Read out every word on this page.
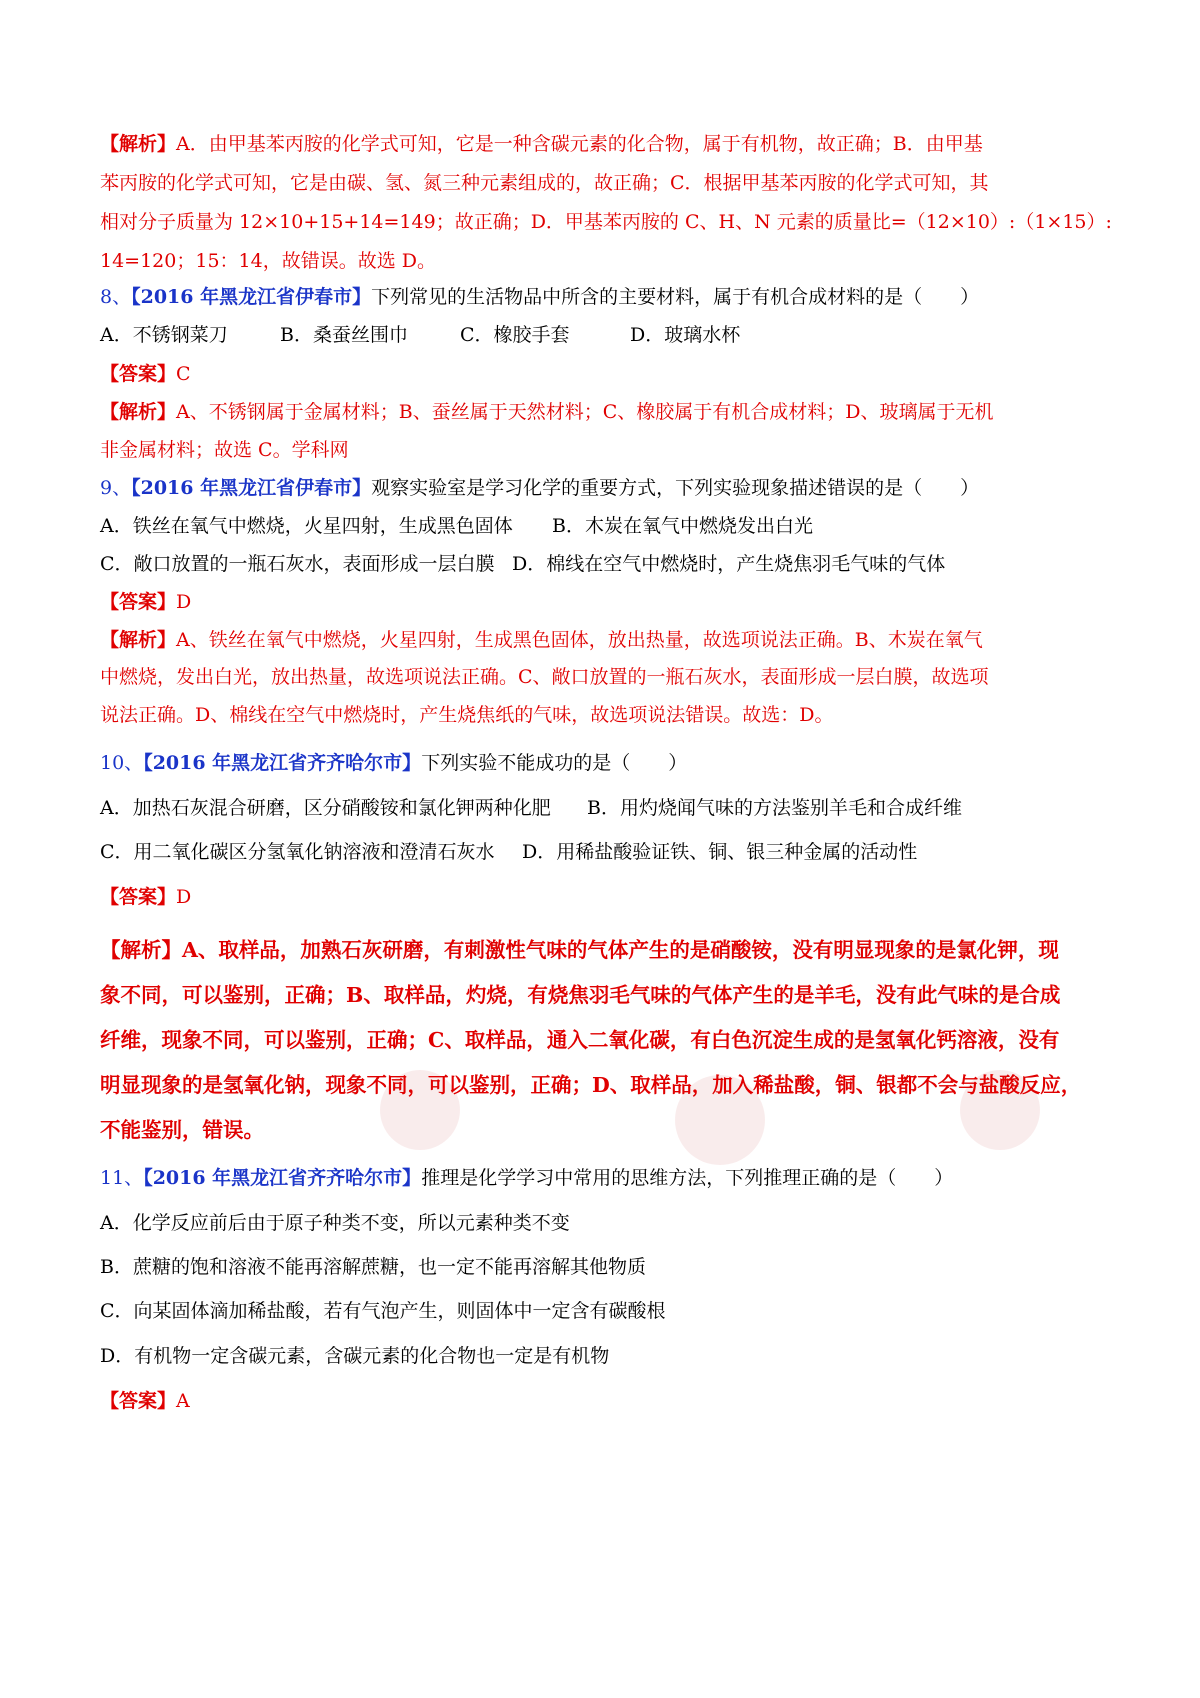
【解析】A．由甲基苯丙胺的化学式可知，它是一种含碳元素的化合物，属于有机物，故正确；B．由甲基
苯丙胺的化学式可知，它是由碳、氢、氮三种元素组成的，故正确；C．根据甲基苯丙胺的化学式可知，其
相对分子质量为 12×10+15+14=149；故正确；D．甲基苯丙胺的 C、H、N 元素的质量比=（12×10）:（1×15）:
14=120；15：14，故错误。故选 D。
8、【2016 年黑龙江省伊春市】下列常见的生活物品中所含的主要材料，属于有机合成材料的是（　　）
A．不锈钢菜刀	B．桑蚕丝围巾	C．橡胶手套	D．玻璃水杯
【答案】C
【解析】A、不锈钢属于金属材料；B、蚕丝属于天然材料；C、橡胶属于有机合成材料；D、玻璃属于无机
非金属材料；故选 C。学科网
9、【2016 年黑龙江省伊春市】观察实验室是学习化学的重要方式，下列实验现象描述错误的是（　　）
A．铁丝在氧气中燃烧，火星四射，生成黑色固体 B．木炭在氧气中燃烧发出白光
C．敞口放置的一瓶石灰水，表面形成一层白膜 D．棉线在空气中燃烧时，产生烧焦羽毛气味的气体
【答案】D
【解析】A、铁丝在氧气中燃烧，火星四射，生成黑色固体，放出热量，故选项说法正确。B、木炭在氧气
中燃烧，发出白光，放出热量，故选项说法正确。C、敞口放置的一瓶石灰水，表面形成一层白膜，故选项
说法正确。D、棉线在空气中燃烧时，产生烧焦纸的气味，故选项说法错误。故选：D。
10、【2016 年黑龙江省齐齐哈尔市】下列实验不能成功的是（　　）
A．加热石灰混合研磨，区分硝酸铵和氯化钾两种化肥 B．用灼烧闻气味的方法鉴别羊毛和合成纤维
C．用二氧化碳区分氢氧化钠溶液和澄清石灰水 D．用稀盐酸验证铁、铜、银三种金属的活动性
【答案】D
【解析】A、取样品，加熟石灰研磨，有刺激性气味的气体产生的是硝酸铵，没有明显现象的是氯化钾，现
象不同，可以鉴别，正确；B、取样品，灼烧，有烧焦羽毛气味的气体产生的是羊毛，没有此气味的是合成
纤维，现象不同，可以鉴别，正确；C、取样品，通入二氧化碳，有白色沉淀生成的是氢氧化钙溶液，没有
明显现象的是氢氧化钠，现象不同，可以鉴别，正确；D、取样品，加入稀盐酸，铜、银都不会与盐酸反应，
不能鉴别，错误。
11、【2016 年黑龙江省齐齐哈尔市】推理是化学学习中常用的思维方法，下列推理正确的是（　　）
A．化学反应前后由于原子种类不变，所以元素种类不变
B．蔗糖的饱和溶液不能再溶解蔗糖，也一定不能再溶解其他物质
C．向某固体滴加稀盐酸，若有气泡产生，则固体中一定含有碳酸根
D．有机物一定含碳元素，含碳元素的化合物也一定是有机物
【答案】A
